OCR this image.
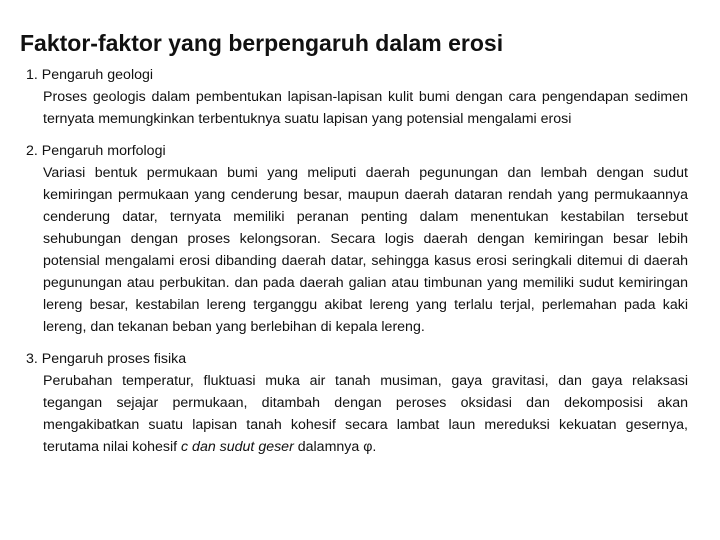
Faktor-faktor yang berpengaruh dalam erosi
1. Pengaruh geologi
Proses geologis dalam pembentukan lapisan-lapisan kulit bumi dengan cara pengendapan sedimen ternyata memungkinkan terbentuknya suatu lapisan yang potensial mengalami erosi
2. Pengaruh morfologi
Variasi bentuk permukaan bumi yang meliputi daerah pegunungan dan lembah dengan sudut kemiringan permukaan yang cenderung besar, maupun daerah dataran rendah yang permukaannya cenderung datar, ternyata memiliki peranan penting dalam menentukan kestabilan tersebut sehubungan dengan proses kelongsoran. Secara logis daerah dengan kemiringan besar lebih potensial mengalami erosi dibanding daerah datar, sehingga kasus erosi seringkali ditemui di daerah pegunungan atau perbukitan. dan pada daerah galian atau timbunan yang memiliki sudut kemiringan lereng besar, kestabilan lereng terganggu akibat lereng yang terlalu terjal, perlemahan pada kaki lereng, dan tekanan beban yang berlebihan di kepala lereng.
3. Pengaruh proses fisika
Perubahan temperatur, fluktuasi muka air tanah musiman, gaya gravitasi, dan gaya relaksasi tegangan sejajar permukaan, ditambah dengan peroses oksidasi dan dekomposisi akan mengakibatkan suatu lapisan tanah kohesif secara lambat laun mereduksi kekuatan gesernya, terutama nilai kohesif c dan sudut geser dalamnya φ.
